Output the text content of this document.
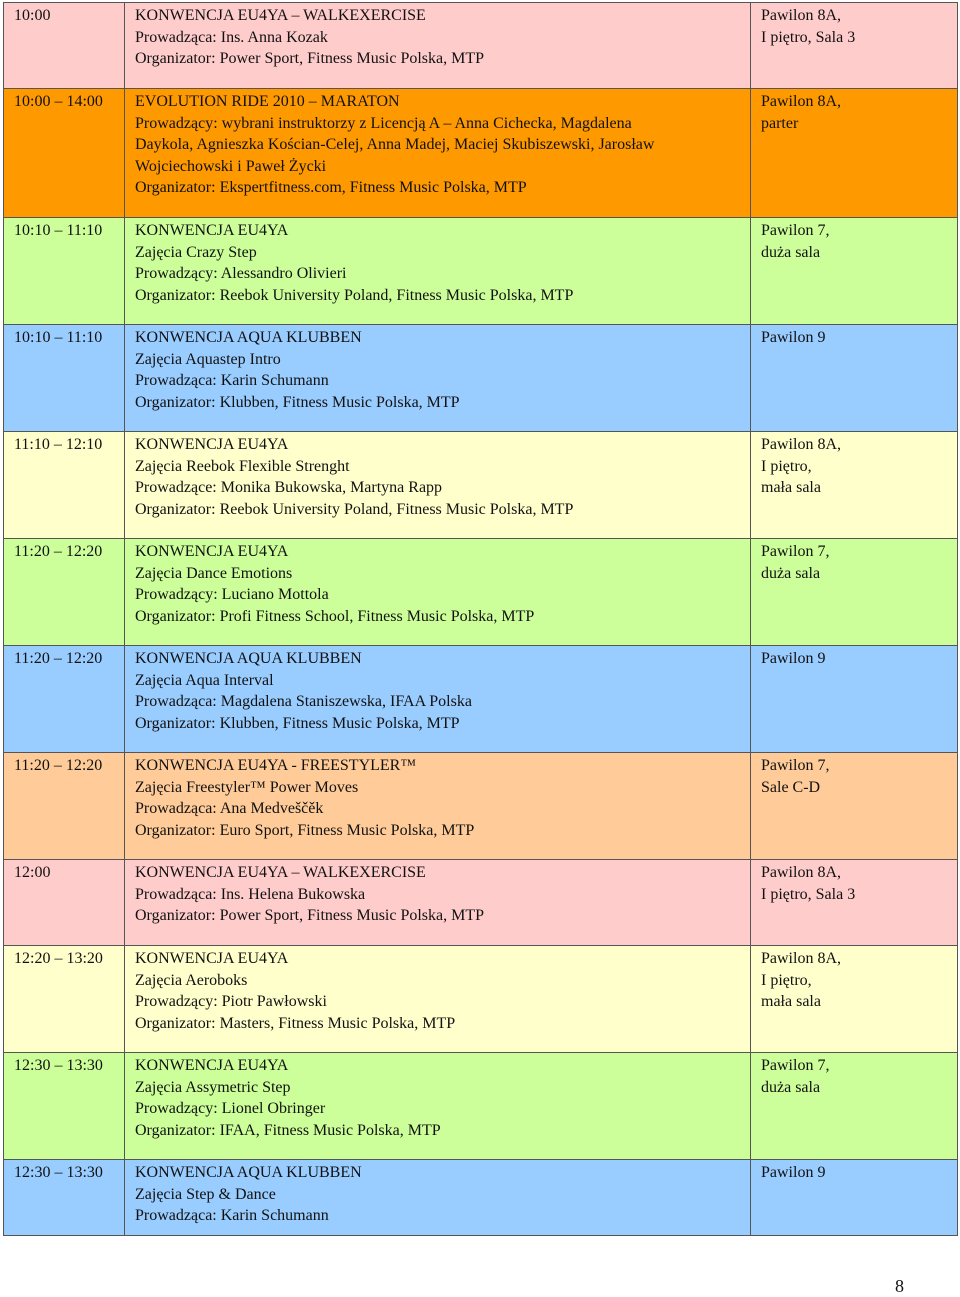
10:00	KONWENCJA EU4YA – WALKEXERCISE
Prowadząca: Ins. Anna Kozak
Organizator: Power Sport, Fitness Music Polska, MTP	Pawilon 8A,
I piętro, Sala 3

10:00 – 14:00	EVOLUTION RIDE 2010 – MARATON
Prowadzący: wybrani instruktorzy z Licencją A – Anna Cichecka, Magdalena
Daykola, Agnieszka Kościan-Celej, Anna Madej, Maciej Skubiszewski, Jarosław
Wojciechowski i Paweł Życki
Organizator: Ekspertfitness.com, Fitness Music Polska, MTP	Pawilon 8A,
parter

10:10 – 11:10	KONWENCJA EU4YA
Zajęcia Crazy Step
Prowadzący: Alessandro Olivieri
Organizator: Reebok University Poland, Fitness Music Polska, MTP	Pawilon 7,
duża sala

10:10 – 11:10	KONWENCJA AQUA KLUBBEN
Zajęcia Aquastep Intro
Prowadząca: Karin Schumann
Organizator: Klubben, Fitness Music Polska, MTP	Pawilon 9

11:10 – 12:10	KONWENCJA EU4YA
Zajęcia Reebok Flexible Strenght
Prowadzące: Monika Bukowska, Martyna Rapp
Organizator: Reebok University Poland, Fitness Music Polska, MTP	Pawilon 8A,
I piętro,
mała sala

11:20 – 12:20	KONWENCJA EU4YA
Zajęcia Dance Emotions
Prowadzący: Luciano Mottola
Organizator: Profi Fitness School, Fitness Music Polska, MTP	Pawilon 7,
duża sala

11:20 – 12:20	KONWENCJA AQUA KLUBBEN
Zajęcia Aqua Interval
Prowadząca: Magdalena Staniszewska, IFAA Polska
Organizator: Klubben, Fitness Music Polska, MTP	Pawilon 9

11:20 – 12:20	KONWENCJA EU4YA - FREESTYLER™
Zajęcia Freestyler™ Power Moves
Prowadząca: Ana Medveščěk
Organizator: Euro Sport, Fitness Music Polska, MTP	Pawilon 7,
Sale C-D

12:00	KONWENCJA EU4YA – WALKEXERCISE
Prowadząca: Ins. Helena Bukowska
Organizator: Power Sport, Fitness Music Polska, MTP	Pawilon 8A,
I piętro, Sala 3

12:20 – 13:20	KONWENCJA EU4YA
Zajęcia Aeroboks
Prowadzący: Piotr Pawłowski
Organizator: Masters, Fitness Music Polska, MTP	Pawilon 8A,
I piętro,
mała sala

12:30 – 13:30	KONWENCJA EU4YA
Zajęcia Assymetric Step
Prowadzący: Lionel Obringer
Organizator: IFAA, Fitness Music Polska, MTP	Pawilon 7,
duża sala

12:30 – 13:30	KONWENCJA AQUA KLUBBEN
Zajęcia Step & Dance
Prowadząca: Karin Schumann	Pawilon 9
8
